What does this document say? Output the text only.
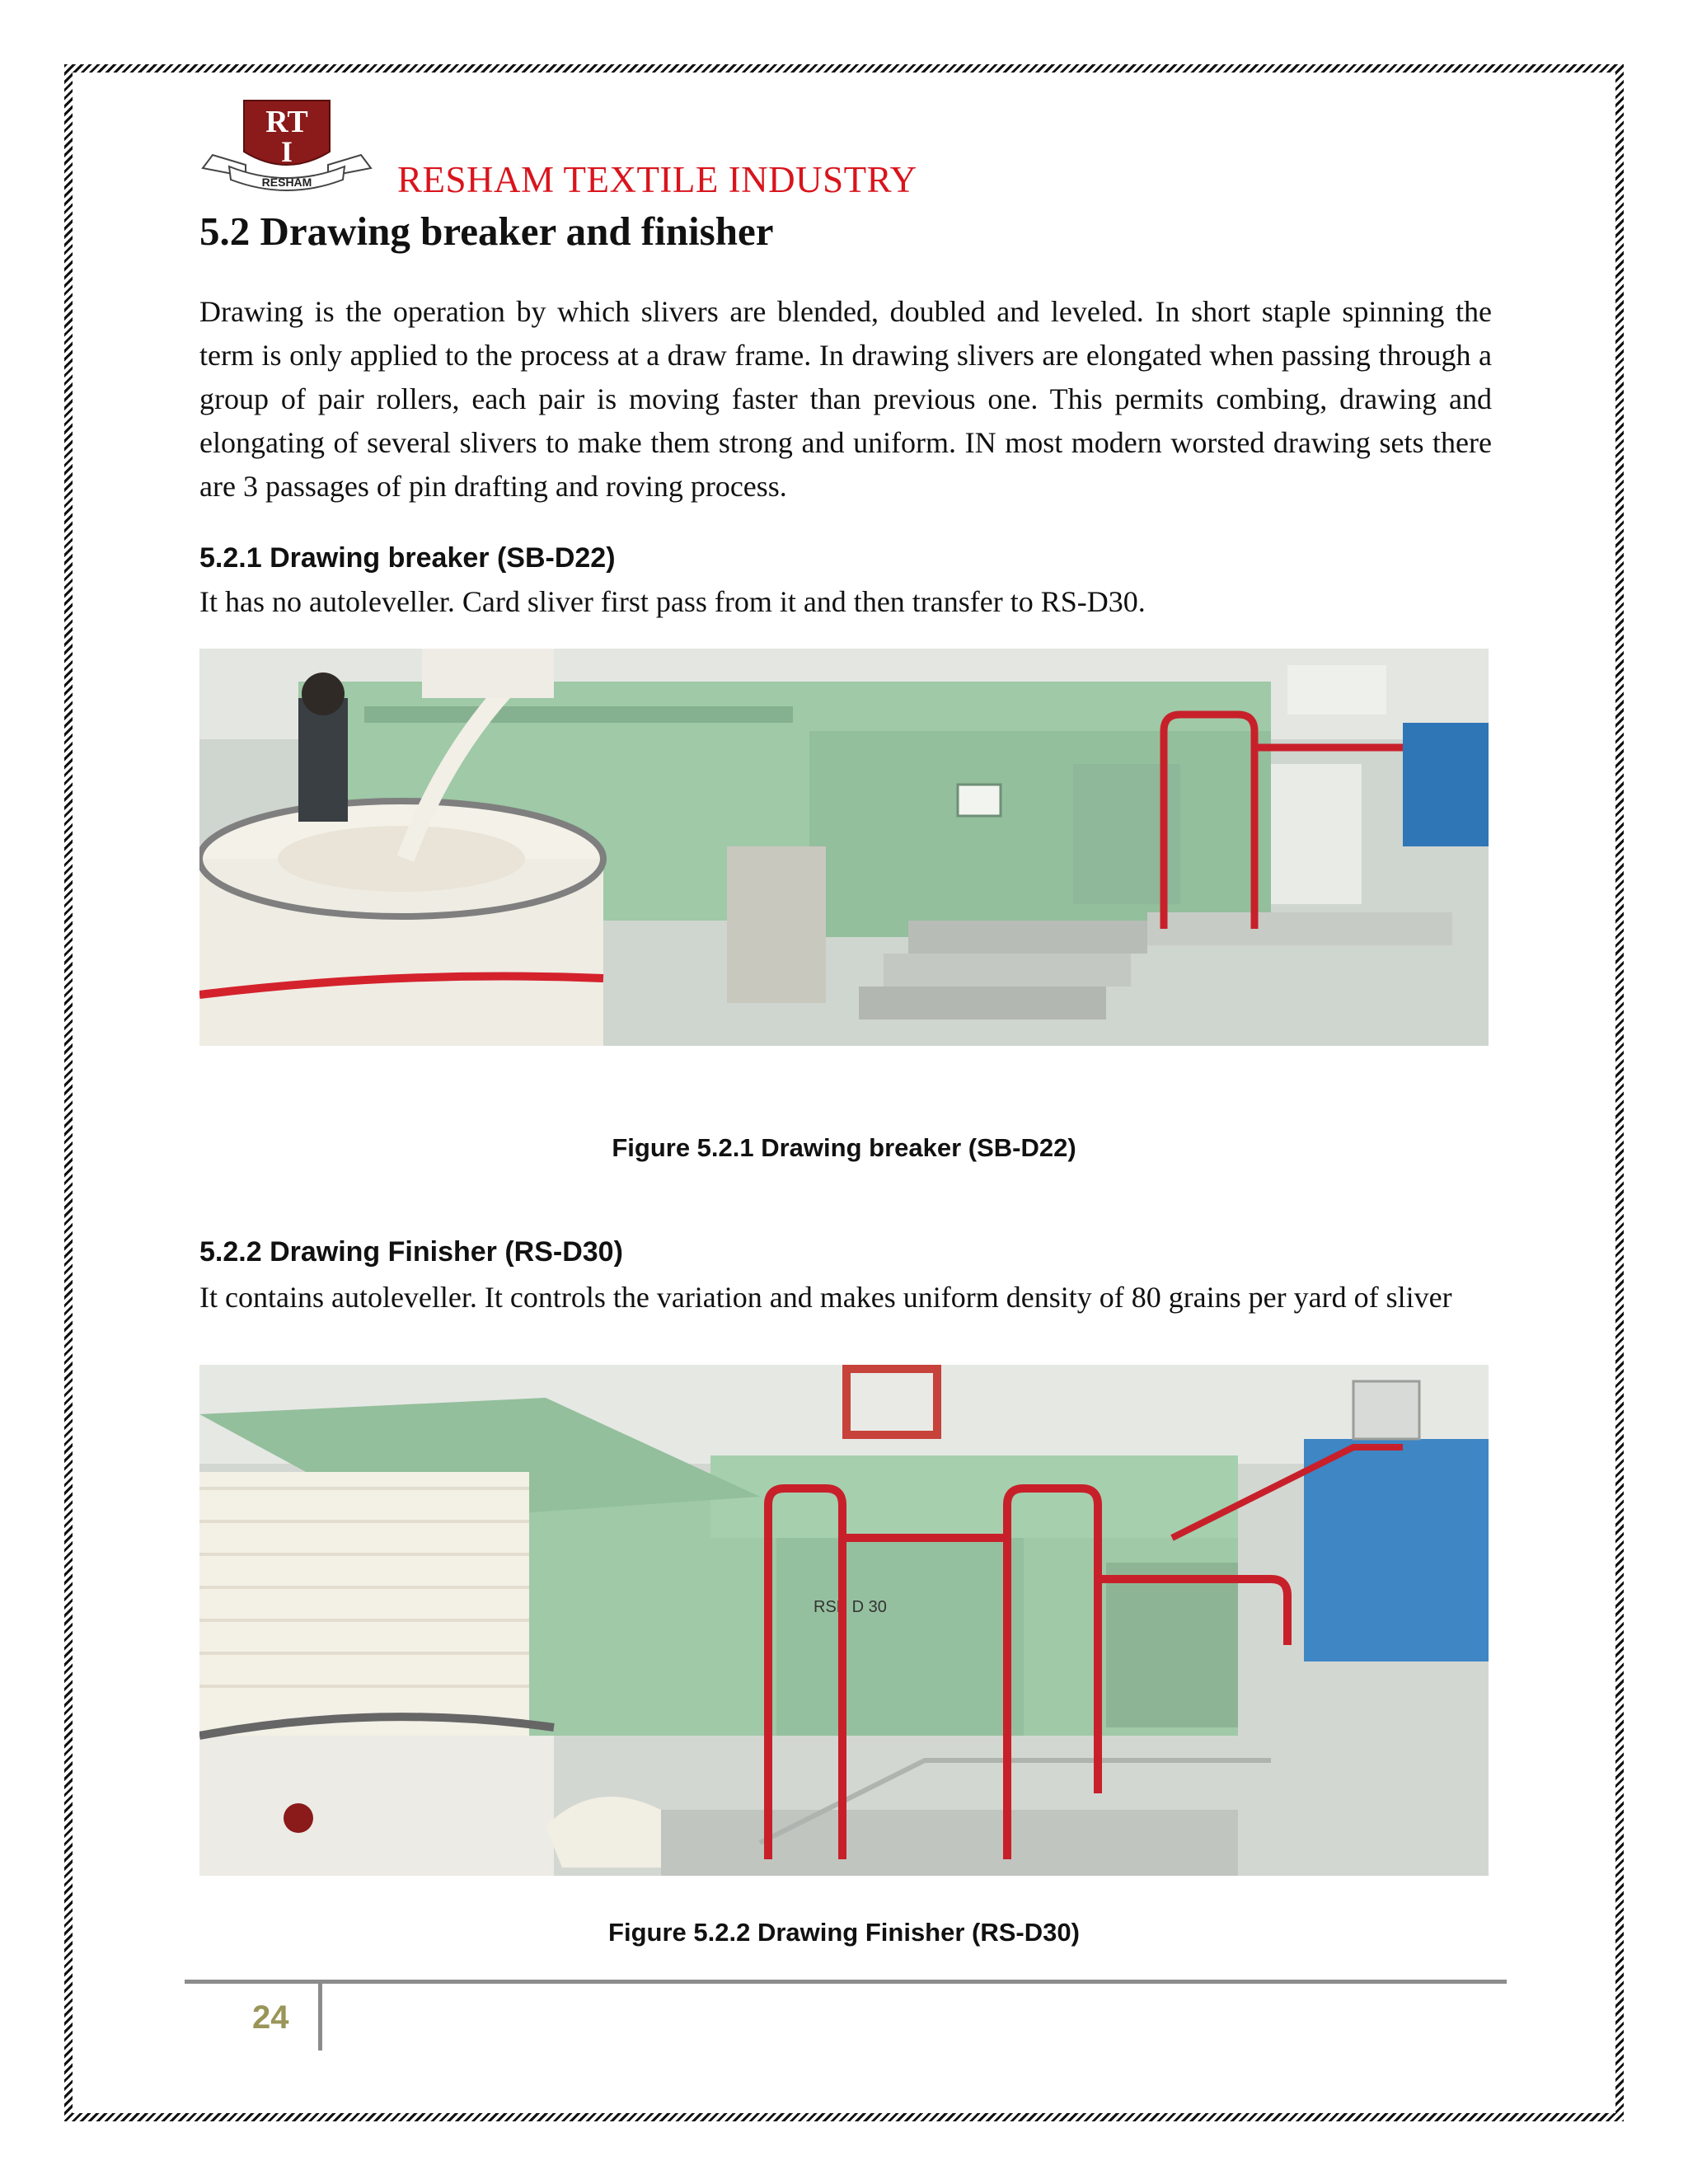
RESHAM
RT
I
RESHAM TEXTILE INDUSTRY
5.2 Drawing breaker and finisher
Drawing is the operation by which slivers are blended, doubled and leveled. In short staple spinning the term is only applied to the process at a draw frame. In drawing slivers are elongated when passing through a group of pair rollers, each pair is moving faster than previous one. This permits combing, drawing and elongating of several slivers to make them strong and uniform. IN most modern worsted drawing sets there are 3 passages of pin drafting and roving process.
5.2.1 Drawing breaker (SB-D22)
It has no autoleveller. Card sliver first pass from it and then transfer to RS-D30.
Figure 5.2.1 Drawing breaker (SB-D22)
5.2.2 Drawing Finisher (RS-D30)
It contains autoleveller. It controls the variation and makes uniform density of 80 grains per yard of sliver
RSB D 30
Figure 5.2.2 Drawing Finisher (RS-D30)
24
